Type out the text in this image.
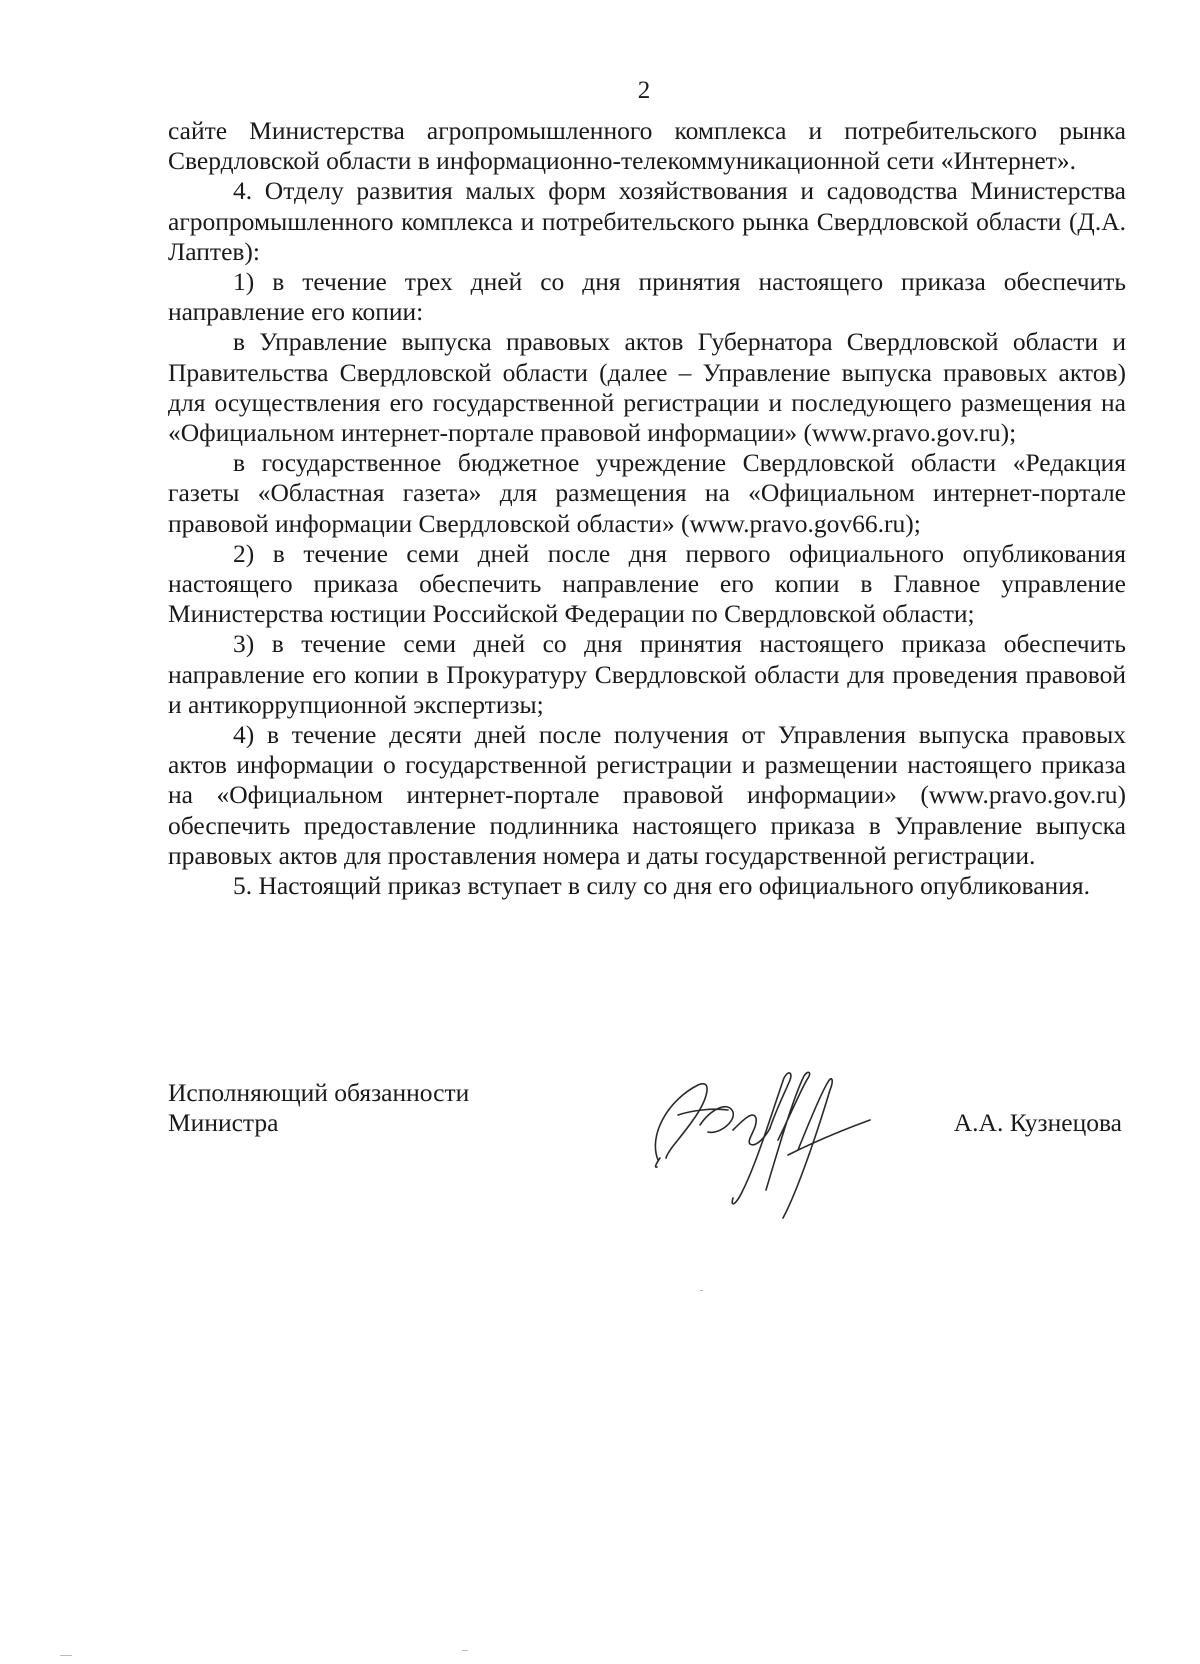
2

сайте Министерства агропромышленного комплекса и потребительского рынка Свердловской области в информационно-телекоммуникационной сети «Интернет».

4. Отделу развития малых форм хозяйствования и садоводства Министерства агропромышленного комплекса и потребительского рынка Свердловской области (Д.А. Лаптев):

1) в течение трех дней со дня принятия настоящего приказа обеспечить направление его копии:

в Управление выпуска правовых актов Губернатора Свердловской области и Правительства Свердловской области (далее – Управление выпуска правовых актов) для осуществления его государственной регистрации и последующего размещения на «Официальном интернет-портале правовой информации» (www.pravo.gov.ru);

в государственное бюджетное учреждение Свердловской области «Редакция газеты «Областная газета» для размещения на «Официальном интернет-портале правовой информации Свердловской области» (www.pravo.gov66.ru);

2) в течение семи дней после дня первого официального опубликования настоящего приказа обеспечить направление его копии в Главное управление Министерства юстиции Российской Федерации по Свердловской области;

3) в течение семи дней со дня принятия настоящего приказа обеспечить направление его копии в Прокуратуру Свердловской области для проведения правовой и антикоррупционной экспертизы;

4) в течение десяти дней после получения от Управления выпуска правовых актов информации о государственной регистрации и размещении настоящего приказа на «Официальном интернет-портале правовой информации» (www.pravo.gov.ru) обеспечить предоставление подлинника настоящего приказа в Управление выпуска правовых актов для проставления номера и даты государственной регистрации.

5. Настоящий приказ вступает в силу со дня его официального опубликования.

Исполняющий обязанности
Министра	А.А. Кузнецова
